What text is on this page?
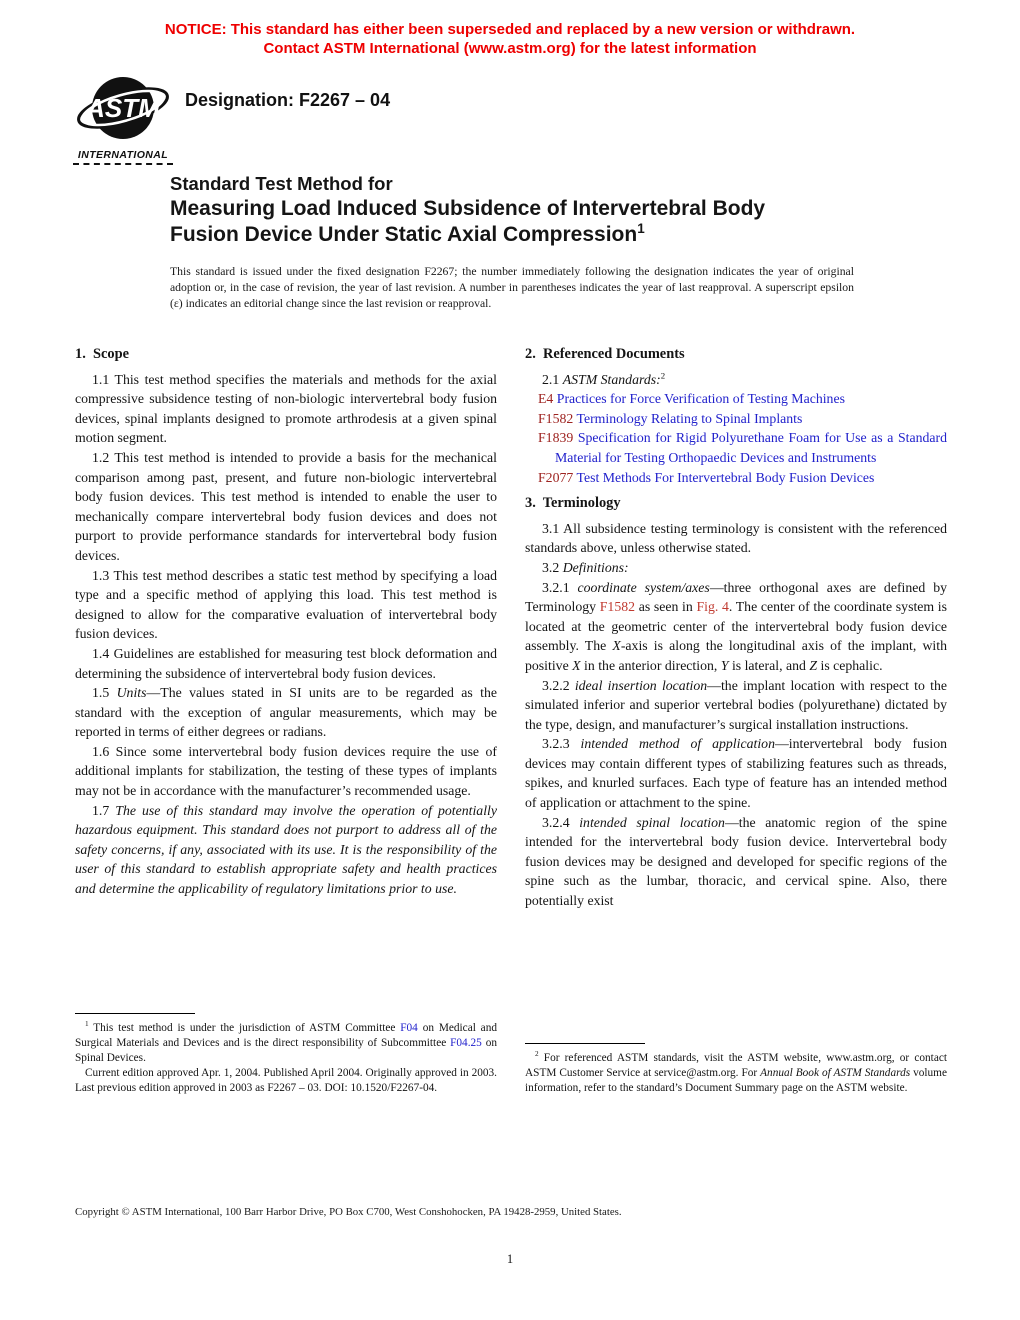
NOTICE: This standard has either been superseded and replaced by a new version or withdrawn.
Contact ASTM International (www.astm.org) for the latest information
ASTM
INTERNATIONAL
Designation: F2267 – 04
Standard Test Method for
Measuring Load Induced Subsidence of Intervertebral Body
Fusion Device Under Static Axial Compression$^1$
This standard is issued under the fixed designation F2267; the number immediately following the designation indicates the year of original adoption or, in the case of revision, the year of last revision. A number in parentheses indicates the year of last reapproval. A superscript epsilon (ε) indicates an editorial change since the last revision or reapproval.
1.  Scope

1.1 This test method specifies the materials and methods for the axial compressive subsidence testing of non-biologic intervertebral body fusion devices, spinal implants designed to promote arthrodesis at a given spinal motion segment.

1.2 This test method is intended to provide a basis for the mechanical comparison among past, present, and future non-biologic intervertebral body fusion devices. This test method is intended to enable the user to mechanically compare intervertebral body fusion devices and does not purport to provide performance standards for intervertebral body fusion devices.

1.3 This test method describes a static test method by specifying a load type and a specific method of applying this load. This test method is designed to allow for the comparative evaluation of intervertebral body fusion devices.

1.4 Guidelines are established for measuring test block deformation and determining the subsidence of intervertebral body fusion devices.

1.5 Units—The values stated in SI units are to be regarded as the standard with the exception of angular measurements, which may be reported in terms of either degrees or radians.

1.6 Since some intervertebral body fusion devices require the use of additional implants for stabilization, the testing of these types of implants may not be in accordance with the manufacturer’s recommended usage.

1.7 The use of this standard may involve the operation of potentially hazardous equipment. This standard does not purport to address all of the safety concerns, if any, associated with its use. It is the responsibility of the user of this standard to establish appropriate safety and health practices and determine the applicability of regulatory limitations prior to use.

$^1$ This test method is under the jurisdiction of ASTM Committee F04 on Medical and Surgical Materials and Devices and is the direct responsibility of Subcommittee F04.25 on Spinal Devices.

Current edition approved Apr. 1, 2004. Published April 2004. Originally approved in 2003. Last previous edition approved in 2003 as F2267 – 03. DOI: 10.1520/F2267-04.

2.  Referenced Documents

2.1 ASTM Standards:$^2$

E4 Practices for Force Verification of Testing Machines
F1582 Terminology Relating to Spinal Implants
F1839 Specification for Rigid Polyurethane Foam for Use as a Standard Material for Testing Orthopaedic Devices and Instruments
F2077 Test Methods For Intervertebral Body Fusion Devices
3.  Terminology

3.1 All subsidence testing terminology is consistent with the referenced standards above, unless otherwise stated.

3.2 Definitions:

3.2.1 coordinate system/axes—three orthogonal axes are defined by Terminology F1582 as seen in Fig. 4. The center of the coordinate system is located at the geometric center of the intervertebral body fusion device assembly. The X-axis is along the longitudinal axis of the implant, with positive X in the anterior direction, Y is lateral, and Z is cephalic.

3.2.2 ideal insertion location—the implant location with respect to the simulated inferior and superior vertebral bodies (polyurethane) dictated by the type, design, and manufacturer’s surgical installation instructions.

3.2.3 intended method of application—intervertebral body fusion devices may contain different types of stabilizing features such as threads, spikes, and knurled surfaces. Each type of feature has an intended method of application or attachment to the spine.

3.2.4 intended spinal location—the anatomic region of the spine intended for the intervertebral body fusion device. Intervertebral body fusion devices may be designed and developed for specific regions of the spine such as the lumbar, thoracic, and cervical spine. Also, there potentially exist

$^2$ For referenced ASTM standards, visit the ASTM website, www.astm.org, or contact ASTM Customer Service at service@astm.org. For Annual Book of ASTM Standards volume information, refer to the standard’s Document Summary page on the ASTM website.

Copyright © ASTM International, 100 Barr Harbor Drive, PO Box C700, West Conshohocken, PA 19428-2959, United States.
1
